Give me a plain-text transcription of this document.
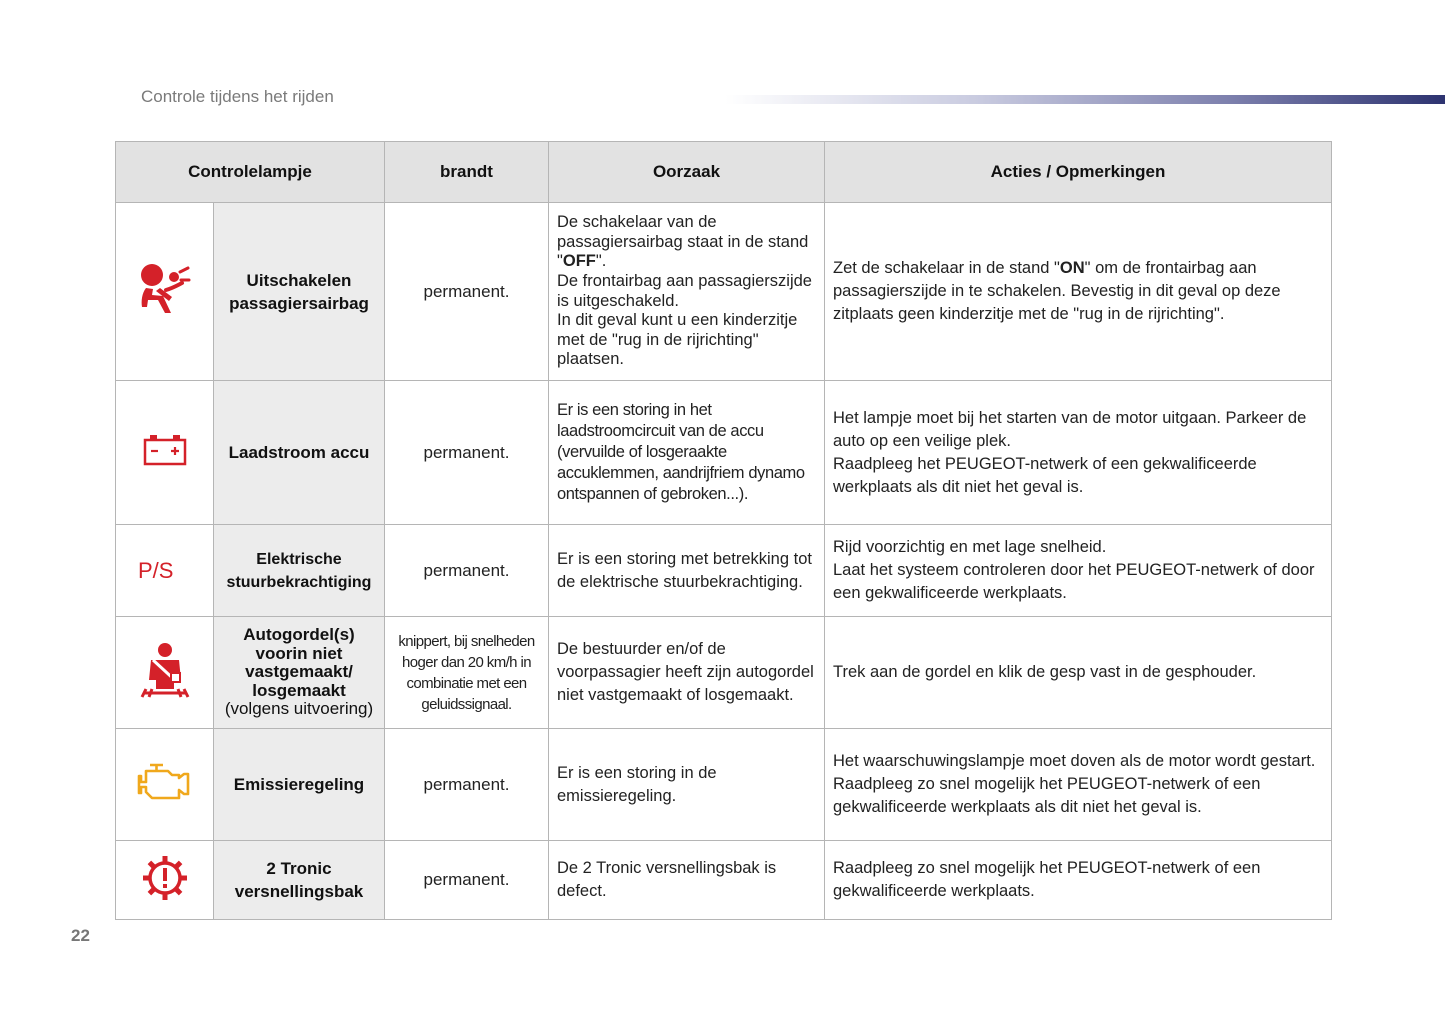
Controle tijdens het rijden
Controlelampje		brandt	Oorzaak	Acties / Opmerkingen
	Uitschakelen passagiersairbag	permanent.	De schakelaar van de passagiersairbag staat in de stand "OFF".
De frontairbag aan passagierszijde is uitgeschakeld.
In dit geval kunt u een kinderzitje met de "rug in de rijrichting" plaatsen.	Zet de schakelaar in de stand "ON" om de frontairbag aan passagierszijde in te schakelen. Bevestig in dit geval op deze zitplaats geen kinderzitje met de "rug in de rijrichting".
	Laadstroom accu	permanent.	Er is een storing in het laadstroomcircuit van de accu (vervuilde of losgeraakte accuklemmen, aandrijfriem dynamo ontspannen of gebroken...).	Het lampje moet bij het starten van de motor uitgaan. Parkeer de auto op een veilige plek.
Raadpleeg het PEUGEOT-netwerk of een gekwalificeerde werkplaats als dit niet het geval is.
P/S	Elektrische stuurbekrachtiging	permanent.	Er is een storing met betrekking tot de elektrische stuurbekrachtiging.	Rijd voorzichtig en met lage snelheid.
Laat het systeem controleren door het PEUGEOT-netwerk of door een gekwalificeerde werkplaats.
	Autogordel(s) voorin niet vastgemaakt/ losgemaakt
(volgens uitvoering)	knippert, bij snelheden hoger dan 20 km/h in combinatie met een geluidssignaal.	De bestuurder en/of de voorpassagier heeft zijn autogordel niet vastgemaakt of losgemaakt.	Trek aan de gordel en klik de gesp vast in de gesphouder.
	Emissieregeling	permanent.	Er is een storing in de emissieregeling.	Het waarschuwingslampje moet doven als de motor wordt gestart.
Raadpleeg zo snel mogelijk het PEUGEOT-netwerk of een gekwalificeerde werkplaats als dit niet het geval is.
	2 Tronic versnellingsbak	permanent.	De 2 Tronic versnellingsbak is defect.	Raadpleeg zo snel mogelijk het PEUGEOT-netwerk of een gekwalificeerde werkplaats.
22
